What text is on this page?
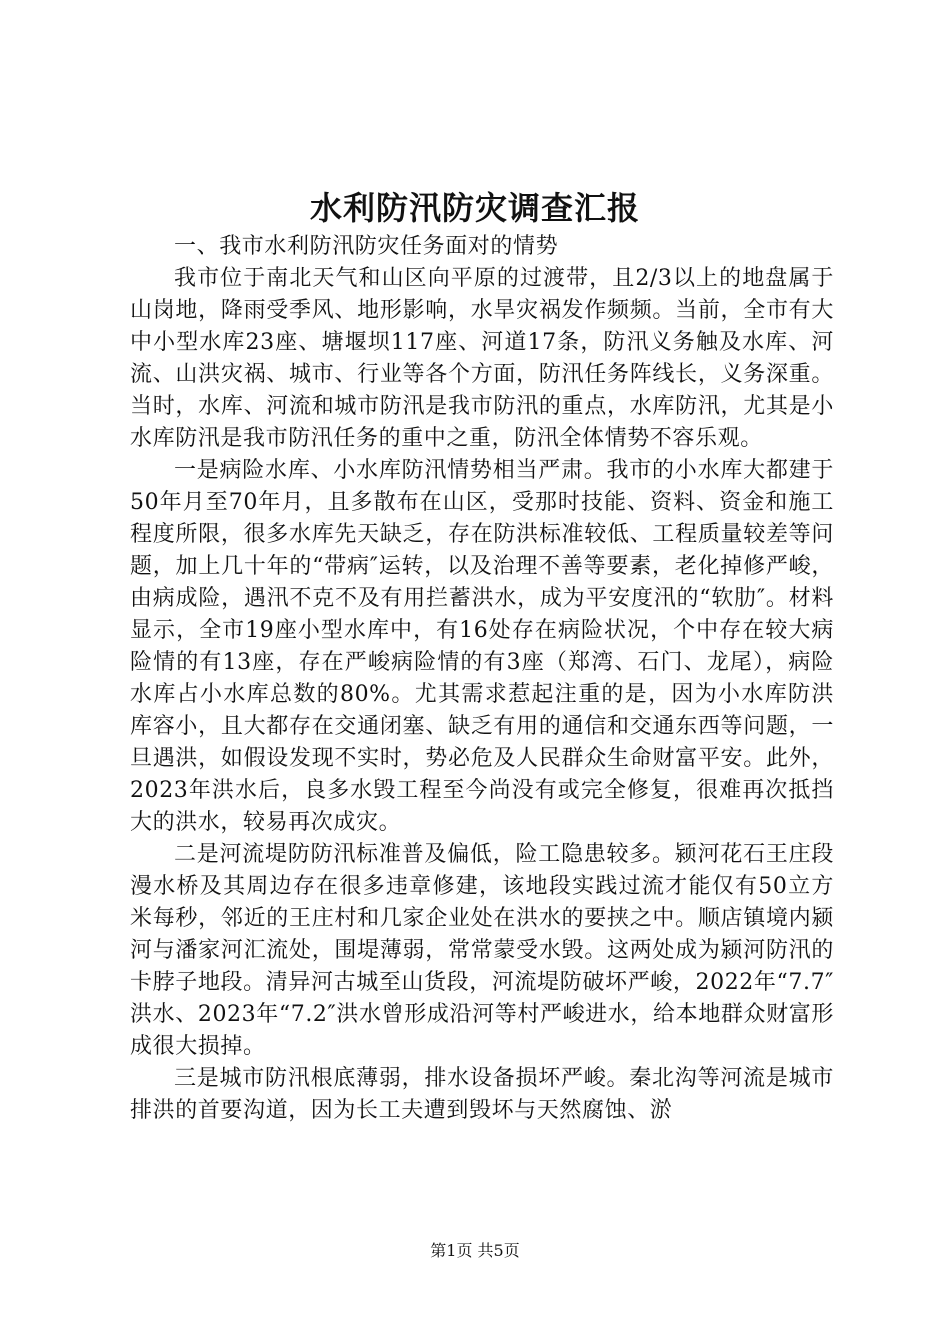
水利防汛防灾调查汇报

一、我市水利防汛防灾任务面对的情势

我市位于南北天气和山区向平原的过渡带，且2/3以上的地盘属于山岗地，降雨受季风、地形影响，水旱灾祸发作频频。当前，全市有大中小型水库23座、塘堰坝117座、河道17条，防汛义务触及水库、河流、山洪灾祸、城市、行业等各个方面，防汛任务阵线长，义务深重。当时，水库、河流和城市防汛是我市防汛的重点，水库防汛，尤其是小水库防汛是我市防汛任务的重中之重，防汛全体情势不容乐观。

一是病险水库、小水库防汛情势相当严肃。我市的小水库大都建于50年月至70年月，且多散布在山区，受那时技能、资料、资金和施工程度所限，很多水库先天缺乏，存在防洪标准较低、工程质量较差等问题，加上几十年的“带病″运转，以及治理不善等要素，老化掉修严峻，由病成险，遇汛不克不及有用拦蓄洪水，成为平安度汛的“软肋″。材料显示，全市19座小型水库中，有16处存在病险状况，个中存在较大病险情的有13座，存在严峻病险情的有3座（郑湾、石门、龙尾），病险水库占小水库总数的80%。尤其需求惹起注重的是，因为小水库防洪库容小，且大都存在交通闭塞、缺乏有用的通信和交通东西等问题，一旦遇洪，如假设发现不实时，势必危及人民群众生命财富平安。此外，2023年洪水后，良多水毁工程至今尚没有或完全修复，很难再次抵挡大的洪水，较易再次成灾。

二是河流堤防防汛标准普及偏低，险工隐患较多。颍河花石王庄段漫水桥及其周边存在很多违章修建，该地段实践过流才能仅有50立方米每秒，邻近的王庄村和几家企业处在洪水的要挟之中。顺店镇境内颍河与潘家河汇流处，围堤薄弱，常常蒙受水毁。这两处成为颍河防汛的卡脖子地段。清异河古城至山货段，河流堤防破坏严峻，2022年“7.7″洪水、2023年“7.2″洪水曾形成沿河等村严峻进水，给本地群众财富形成很大损掉。

三是城市防汛根底薄弱，排水设备损坏严峻。秦北沟等河流是城市排洪的首要沟道，因为长工夫遭到毁坏与天然腐蚀、淤

第1页 共5页
